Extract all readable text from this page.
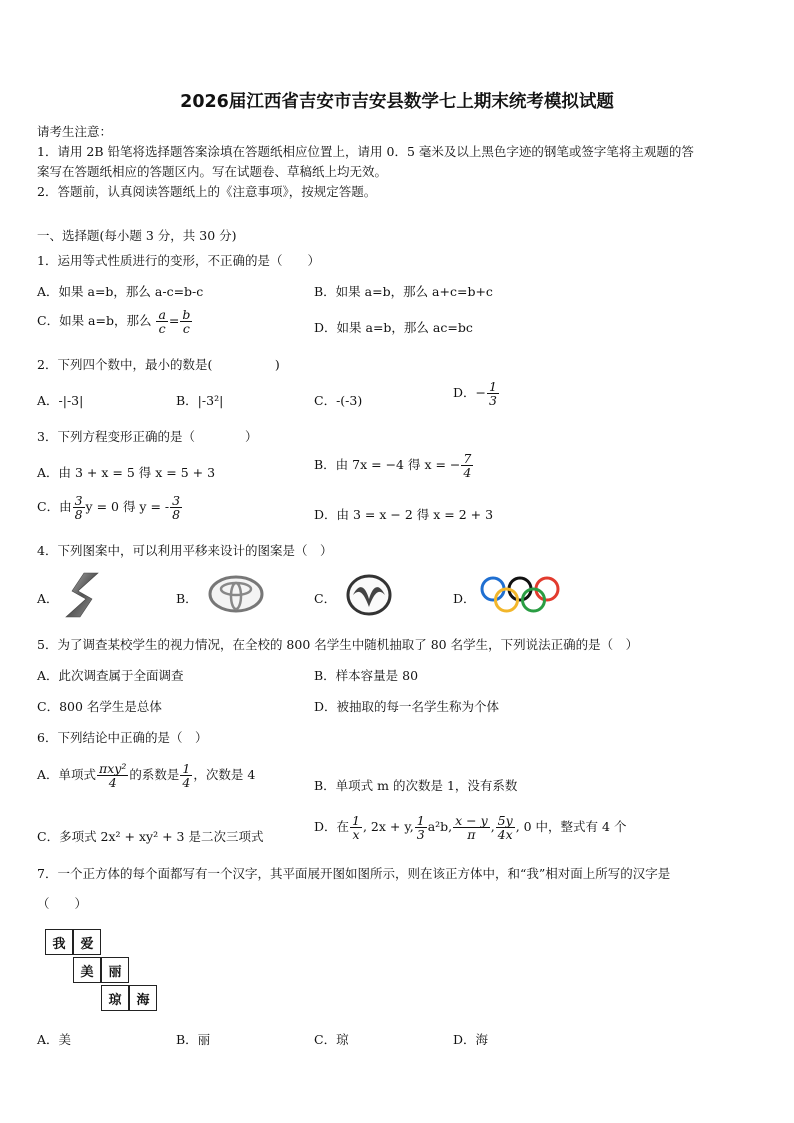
2026届江西省吉安市吉安县数学七上期末统考模拟试题
请考生注意：
1．请用 2B 铅笔将选择题答案涂填在答题纸相应位置上，请用 0．5 毫米及以上黑色字迹的钢笔或签字笔将主观题的答
案写在答题纸相应的答题区内。写在试题卷、草稿纸上均无效。
2．答题前，认真阅读答题纸上的《注意事项》，按规定答题。
一、选择题(每小题 3 分，共 30 分)
1．运用等式性质进行的变形，不正确的是（　　）
A．如果 a=b，那么 a-c=b-c	B．如果 a=b，那么 a+c=b+c
C．如果 a=b，那么 $\frac{a}{c} = \frac{b}{c}$	D．如果 a=b，那么 ac=bc
2．下列四个数中，最小的数是(　　　　　)
A．-|-3|	B．|-3²|	C．-(-3)
D．− $\frac{1}{3}$
3．下列方程变形正确的是（　　　　）
A．由 3 + x = 5 得 x = 5 + 3
B．由 7x = −4 得 x = − $\frac{7}{4}$
C．由 $\frac{3}{8}$ y = 0 得 y = - $\frac{3}{8}$	D．由 3 = x − 2 得 x = 2 + 3
4．下列图案中，可以利用平移来设计的图案是（　）
A．	B．	C．	D．
5．为了调查某校学生的视力情况，在全校的 800 名学生中随机抽取了 80 名学生，下列说法正确的是（　）
A．此次调查属于全面调查	B．样本容量是 80
C．800 名学生是总体	D．被抽取的每一名学生称为个体
6．下列结论中正确的是（　）
A．单项式 $\frac{\text{πxy²}}{4}$ 的系数是 $\frac{1}{4}$ ，次数是 4
B．单项式 m 的次数是 1，没有系数
C．多项式 2x² + xy² + 3 是二次三项式
D．在 $\frac{1}{x}$ , 2x + y, $\frac{1}{3} a^2b$, $\frac{x - y}{\pi}$ , $\frac{5y}{4x}$ , 0 中，整式有 4 个
7．一个正方体的每个面都写有一个汉字，其平面展开图如图所示，则在该正方体中，和“我”相对面上所写的汉字是
（　　）
我	爱
美	丽
琼	海
A．美	B．丽	C．琼	D．海
